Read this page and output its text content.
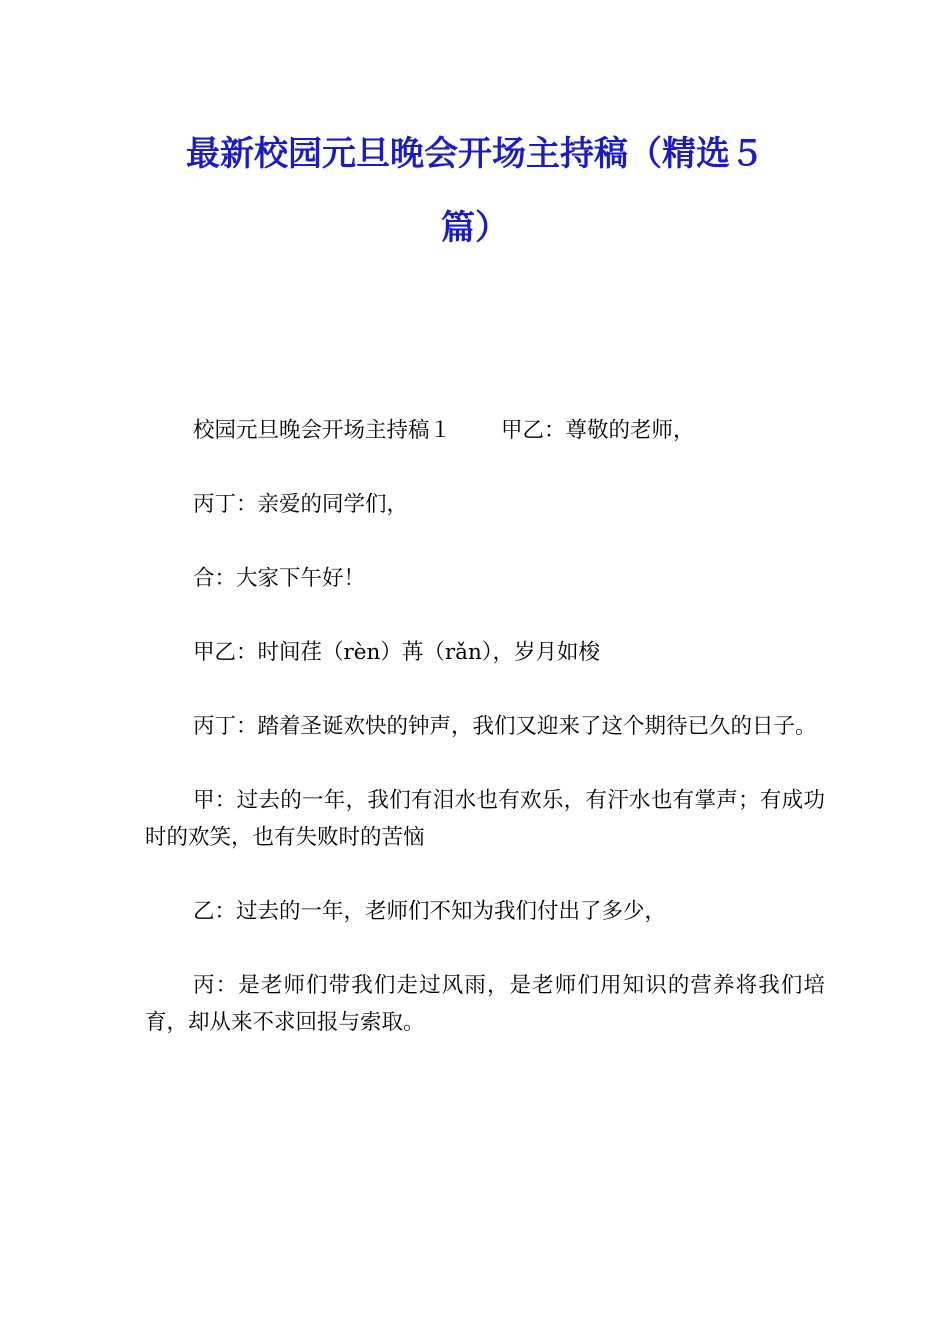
最新校园元旦晚会开场主持稿（精选５
篇）

校园元旦晚会开场主持稿１ 甲乙：尊敬的老师，

丙丁：亲爱的同学们，

合：大家下午好！

甲乙：时间荏（rèn）苒（rǎn），岁月如梭

丙丁：踏着圣诞欢快的钟声，我们又迎来了这个期待已久的日子。

甲：过去的一年，我们有泪水也有欢乐，有汗水也有掌声；有成功时的欢笑，也有失败时的苦恼

乙：过去的一年，老师们不知为我们付出了多少，

丙：是老师们带我们走过风雨，是老师们用知识的营养将我们培育，却从来不求回报与索取。
